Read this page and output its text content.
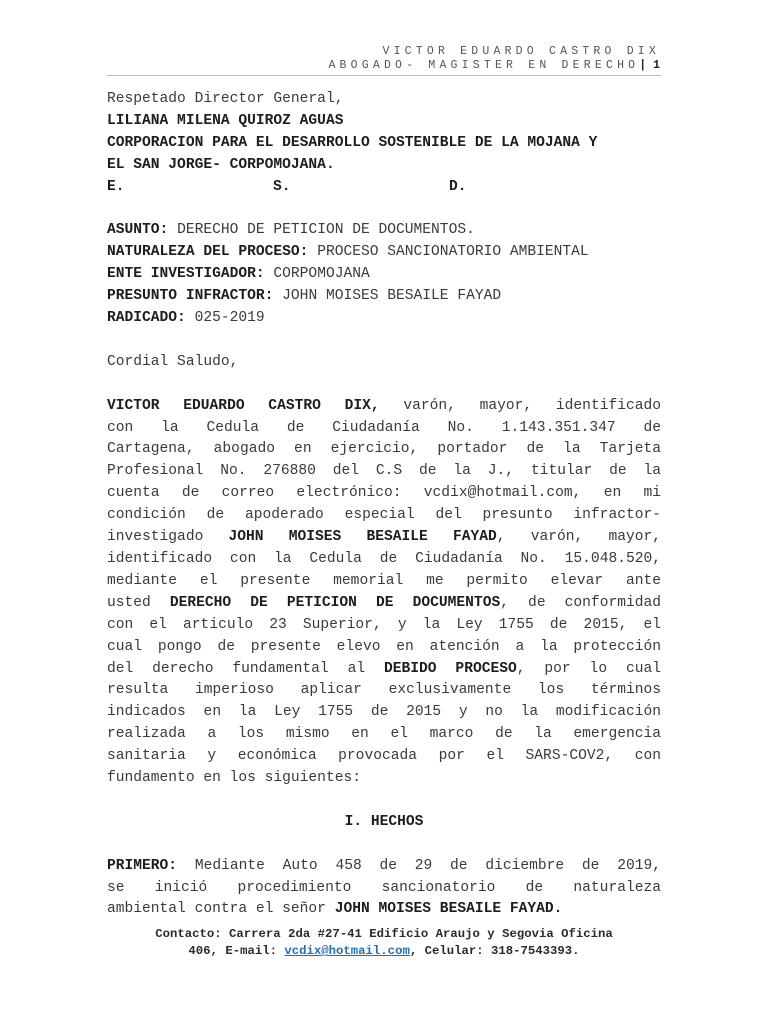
VICTOR EDUARDO CASTRO DIX
ABOGADO- MAGISTER EN DERECHO| 1
Respetado Director General,
LILIANA MILENA QUIROZ AGUAS
CORPORACION PARA EL DESARROLLO SOSTENIBLE DE LA MOJANA Y
EL SAN JORGE- CORPOMOJANA.
E.	S.	D.
ASUNTO: DERECHO DE PETICION DE DOCUMENTOS.
NATURALEZA DEL PROCESO: PROCESO SANCIONATORIO AMBIENTAL
ENTE INVESTIGADOR: CORPOMOJANA
PRESUNTO INFRACTOR: JOHN MOISES BESAILE FAYAD
RADICADO: 025-2019
Cordial Saludo,
VICTOR EDUARDO CASTRO DIX, varón, mayor, identificado
con la Cedula de Ciudadanía No. 1.143.351.347 de
Cartagena, abogado en ejercicio, portador de la Tarjeta
Profesional No. 276880 del C.S de la J., titular de la
cuenta de correo electrónico: vcdix@hotmail.com, en mi
condición de apoderado especial del presunto infractor-
investigado JOHN MOISES BESAILE FAYAD, varón, mayor,
identificado con la Cedula de Ciudadanía No. 15.048.520,
mediante el presente memorial me permito elevar ante
usted DERECHO DE PETICION DE DOCUMENTOS, de conformidad
con el articulo 23 Superior, y la Ley 1755 de 2015, el
cual pongo de presente elevo en atención a la protección
del derecho fundamental al DEBIDO PROCESO, por lo cual
resulta imperioso aplicar exclusivamente los términos
indicados en la Ley 1755 de 2015 y no la modificación
realizada a los mismo en el marco de la emergencia
sanitaria y económica provocada por el SARS-COV2, con
fundamento en los siguientes:
I. HECHOS
PRIMERO: Mediante Auto 458 de 29 de diciembre de 2019,
se inició procedimiento sancionatorio de naturaleza
ambiental contra el señor JOHN MOISES BESAILE FAYAD.
Contacto: Carrera 2da #27-41 Edificio Araujo y Segovia Oficina
406, E-mail: vcdix@hotmail.com, Celular: 318-7543393.
